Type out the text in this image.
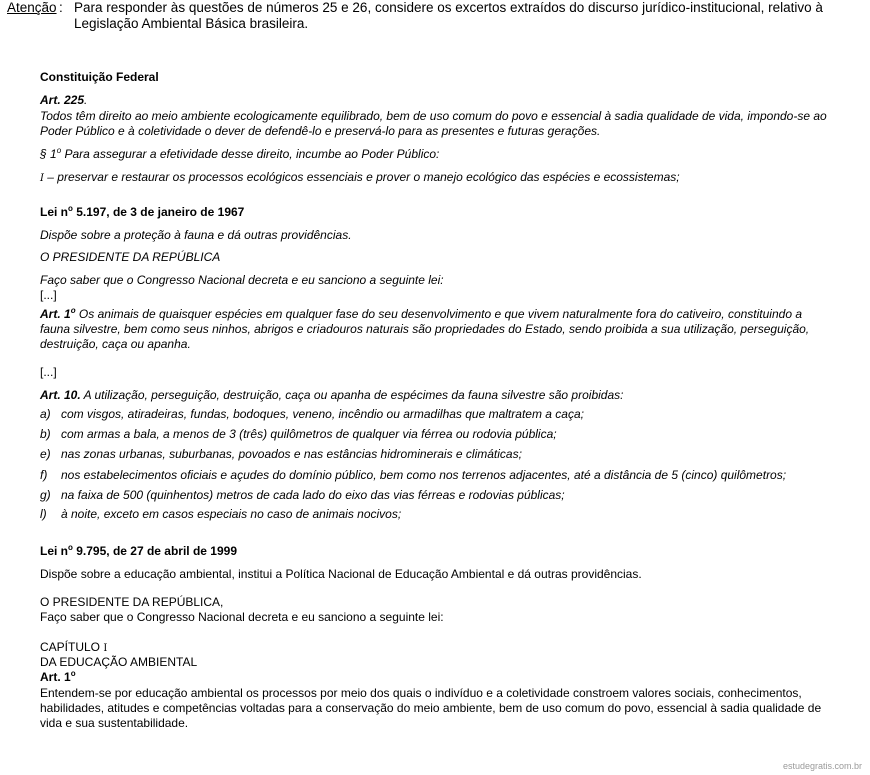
Atenção : Para responder às questões de números 25 e 26, considere os excertos extraídos do discurso jurídico-institucional, relativo à Legislação Ambiental Básica brasileira.
Constituição Federal
Art. 225.
Todos têm direito ao meio ambiente ecologicamente equilibrado, bem de uso comum do povo e essencial à sadia qualidade de vida, impondo-se ao Poder Público e à coletividade o dever de defendê-lo e preservá-lo para as presentes e futuras gerações.
§ 1$^o$ Para assegurar a efetividade desse direito, incumbe ao Poder Público:
I – preservar e restaurar os processos ecológicos essenciais e prover o manejo ecológico das espécies e ecossistemas;
Lei $n^o$ 5.197, de 3 de janeiro de 1967
Dispõe sobre a proteção à fauna e dá outras providências.
O PRESIDENTE DA REPÚBLICA
Faço saber que o Congresso Nacional decreta e eu sanciono a seguinte lei:
[...]
Art. 1$^o$ Os animais de quaisquer espécies em qualquer fase do seu desenvolvimento e que vivem naturalmente fora do cativeiro, constituindo a fauna silvestre, bem como seus ninhos, abrigos e criadouros naturais são propriedades do Estado, sendo proibida a sua utilização, perseguição, destruição, caça ou apanha.
[...]
Art. 10. A utilização, perseguição, destruição, caça ou apanha de espécimes da fauna silvestre são proibidas:
a) com visgos, atiradeiras, fundas, bodoques, veneno, incêndio ou armadilhas que maltratem a caça;
b) com armas a bala, a menos de 3 (três) quilômetros de qualquer via férrea ou rodovia pública;
e) nas zonas urbanas, suburbanas, povoados e nas estâncias hidrominerais e climáticas;
f) nos estabelecimentos oficiais e açudes do domínio público, bem como nos terrenos adjacentes, até a distância de 5 (cinco) quilômetros;
g) na faixa de 500 (quinhentos) metros de cada lado do eixo das vias férreas e rodovias públicas;
l) à noite, exceto em casos especiais no caso de animais nocivos;
Lei $n^o$ 9.795, de 27 de abril de 1999
Dispõe sobre a educação ambiental, institui a Política Nacional de Educação Ambiental e dá outras providências.
O PRESIDENTE DA REPÚBLICA,
Faço saber que o Congresso Nacional decreta e eu sanciono a seguinte lei:
CAPÍTULO I
DA EDUCAÇÃO AMBIENTAL
Art. 1$^o$
Entendem-se por educação ambiental os processos por meio dos quais o indivíduo e a coletividade constroem valores sociais, conhecimentos, habilidades, atitudes e competências voltadas para a conservação do meio ambiente, bem de uso comum do povo, essencial à sadia qualidade de vida e sua sustentabilidade.
estudegratis.com.br
